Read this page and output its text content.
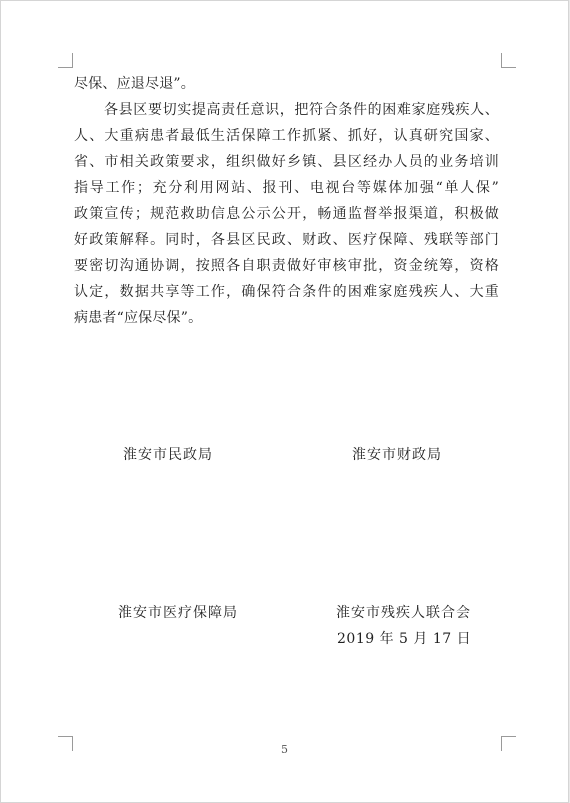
尽保、应退尽退”。
各县区要切实提高责任意识，把符合条件的困难家庭残疾人、
人、大重病患者最低生活保障工作抓紧、抓好，认真研究国家、
省、市相关政策要求，组织做好乡镇、县区经办人员的业务培训
指导工作；充分利用网站、报刊、电视台等媒体加强“单人保”
政策宣传；规范救助信息公示公开，畅通监督举报渠道，积极做
好政策解释。同时，各县区民政、财政、医疗保障、残联等部门
要密切沟通协调，按照各自职责做好审核审批，资金统筹，资格
认定，数据共享等工作，确保符合条件的困难家庭残疾人、大重
病患者“应保尽保”。
淮安市民政局	淮安市财政局
淮安市医疗保障局	淮安市残疾人联合会
2019 年 5 月 17 日
5
